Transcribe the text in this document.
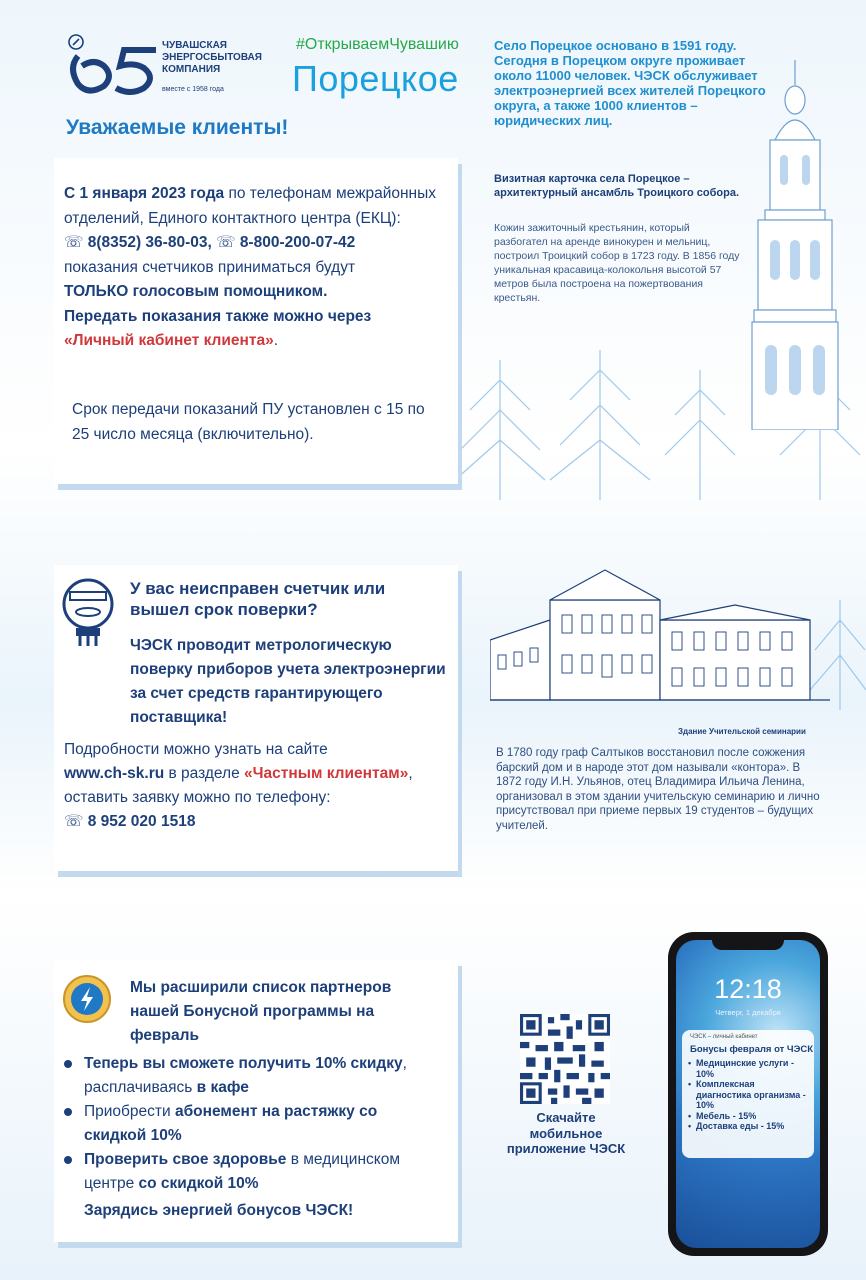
ЧУВАШСКАЯ
ЭНЕРГОСБЫТОВАЯ
КОМПАНИЯ
вместе с 1958 года
#ОткрываемЧувашию
Порецкое
Уважаемые клиенты!
Село Порецкое основано в 1591 году. Сегодня в Порецком округе проживает около 11000 человек. ЧЭСК обслуживает электроэнергией всех жителей Порецкого округа, а также 1000 клиентов – юридических лиц.
Визитная карточка села Порецкое – архитектурный ансамбль Троицкого собора.
Кожин зажиточный крестьянин, который разбогател на аренде винокурен и мельниц, построил Троицкий собор в 1723 году. В 1856 году уникальная красавица-колокольня высотой 57 метров была построена на пожертвования крестьян.
С 1 января 2023 года по телефонам межрайонных отделений, Единого контактного центра (ЕКЦ):
☏ 8(8352) 36-80-03, ☏ 8-800-200-07-42
показания счетчиков приниматься будут
ТОЛЬКО голосовым помощником.
Передать показания также можно через
«Личный кабинет клиента».
Срок передачи показаний ПУ установлен с 15 по 25 число месяца (включительно).
У вас неисправен счетчик или вышел срок поверки?
ЧЭСК проводит метрологическую поверку приборов учета электроэнергии за счет средств гарантирующего поставщика!
Подробности можно узнать на сайте
www.ch-sk.ru в разделе «Частным клиентам»,
оставить заявку можно по телефону:
☏ 8 952 020 1518
Здание Учительской семинарии
В 1780 году граф Салтыков восстановил после сожжения барский дом и в народе этот дом называли «контора». В 1872 году И.Н. Ульянов, отец Владимира Ильича Ленина, организовал в этом здании учительскую семинарию и лично присутствовал при приеме первых 19 студентов – будущих учителей.
Мы расширили список партнеров нашей Бонусной программы на февраль
Теперь вы сможете получить 10% скидку, расплачиваясь в кафе
Приобрести абонемент на растяжку со скидкой 10%
Проверить свое здоровье в медицинском центре со скидкой 10%
Зарядись энергией бонусов ЧЭСК!
Скачайте мобильное приложение ЧЭСК
12:18
Четверг, 1 декабря
ЧЭСК – личный кабинет
Бонусы февраля от ЧЭСК
• Медицинские услуги - 10%
• Комплексная диагностика организма - 10%
• Мебель - 15%
• Доставка еды - 15%
